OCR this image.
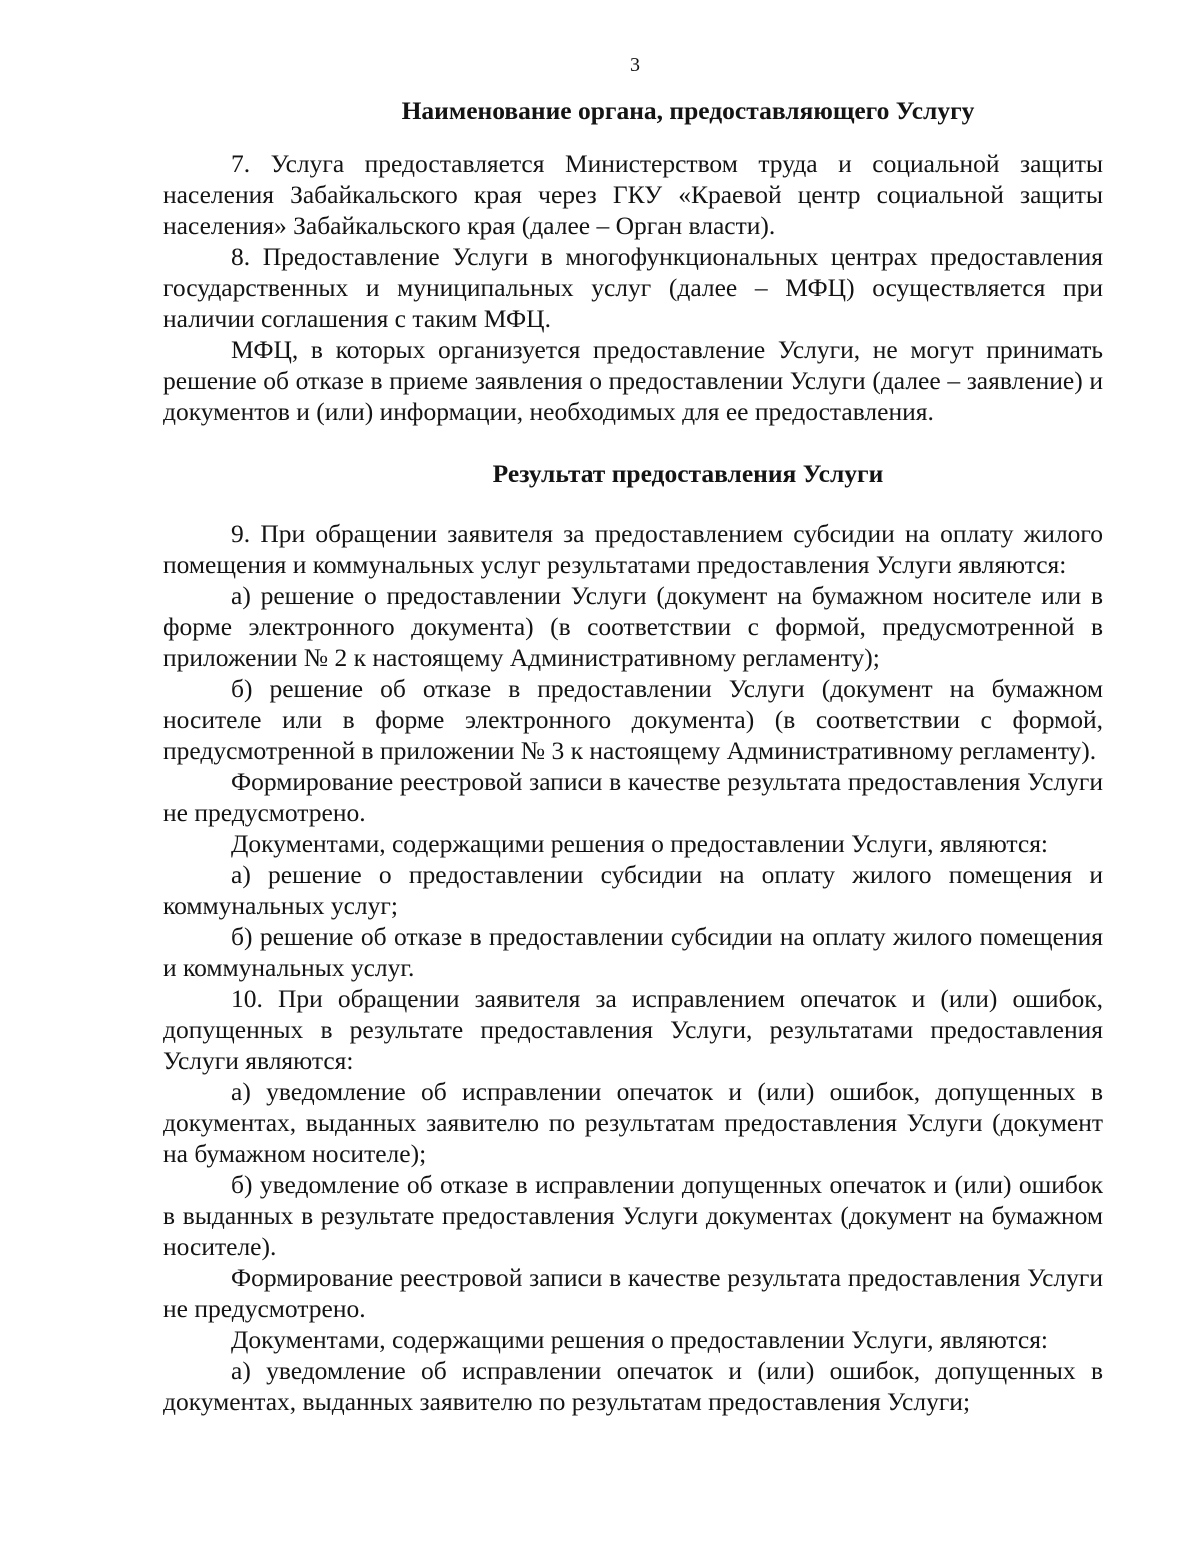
3
Наименование органа, предоставляющего Услугу

7. Услуга предоставляется Министерством труда и социальной защиты населения Забайкальского края через ГКУ «Краевой центр социальной защиты населения» Забайкальского края (далее – Орган власти).

8. Предоставление Услуги в многофункциональных центрах предоставления государственных и муниципальных услуг (далее – МФЦ) осуществляется при наличии соглашения с таким МФЦ.

МФЦ, в которых организуется предоставление Услуги, не могут принимать решение об отказе в приеме заявления о предоставлении Услуги (далее – заявление) и документов и (или) информации, необходимых для ее предоставления.

Результат предоставления Услуги

9. При обращении заявителя за предоставлением субсидии на оплату жилого помещения и коммунальных услуг результатами предоставления Услуги являются:

а) решение о предоставлении Услуги (документ на бумажном носителе или в форме электронного документа) (в соответствии с формой, предусмотренной в приложении № 2 к настоящему Административному регламенту);

б) решение об отказе в предоставлении Услуги (документ на бумажном носителе или в форме электронного документа) (в соответствии с формой, предусмотренной в приложении № 3 к настоящему Административному регламенту).

Формирование реестровой записи в качестве результата предоставления Услуги не предусмотрено.

Документами, содержащими решения о предоставлении Услуги, являются:

а) решение о предоставлении субсидии на оплату жилого помещения и коммунальных услуг;

б) решение об отказе в предоставлении субсидии на оплату жилого помещения и коммунальных услуг.

10. При обращении заявителя за исправлением опечаток и (или) ошибок, допущенных в результате предоставления Услуги, результатами предоставления Услуги являются:

а) уведомление об исправлении опечаток и (или) ошибок, допущенных в документах, выданных заявителю по результатам предоставления Услуги (документ на бумажном носителе);

б) уведомление об отказе в исправлении допущенных опечаток и (или) ошибок в выданных в результате предоставления Услуги документах (документ на бумажном носителе).

Формирование реестровой записи в качестве результата предоставления Услуги не предусмотрено.

Документами, содержащими решения о предоставлении Услуги, являются:

а) уведомление об исправлении опечаток и (или) ошибок, допущенных в документах, выданных заявителю по результатам предоставления Услуги;
